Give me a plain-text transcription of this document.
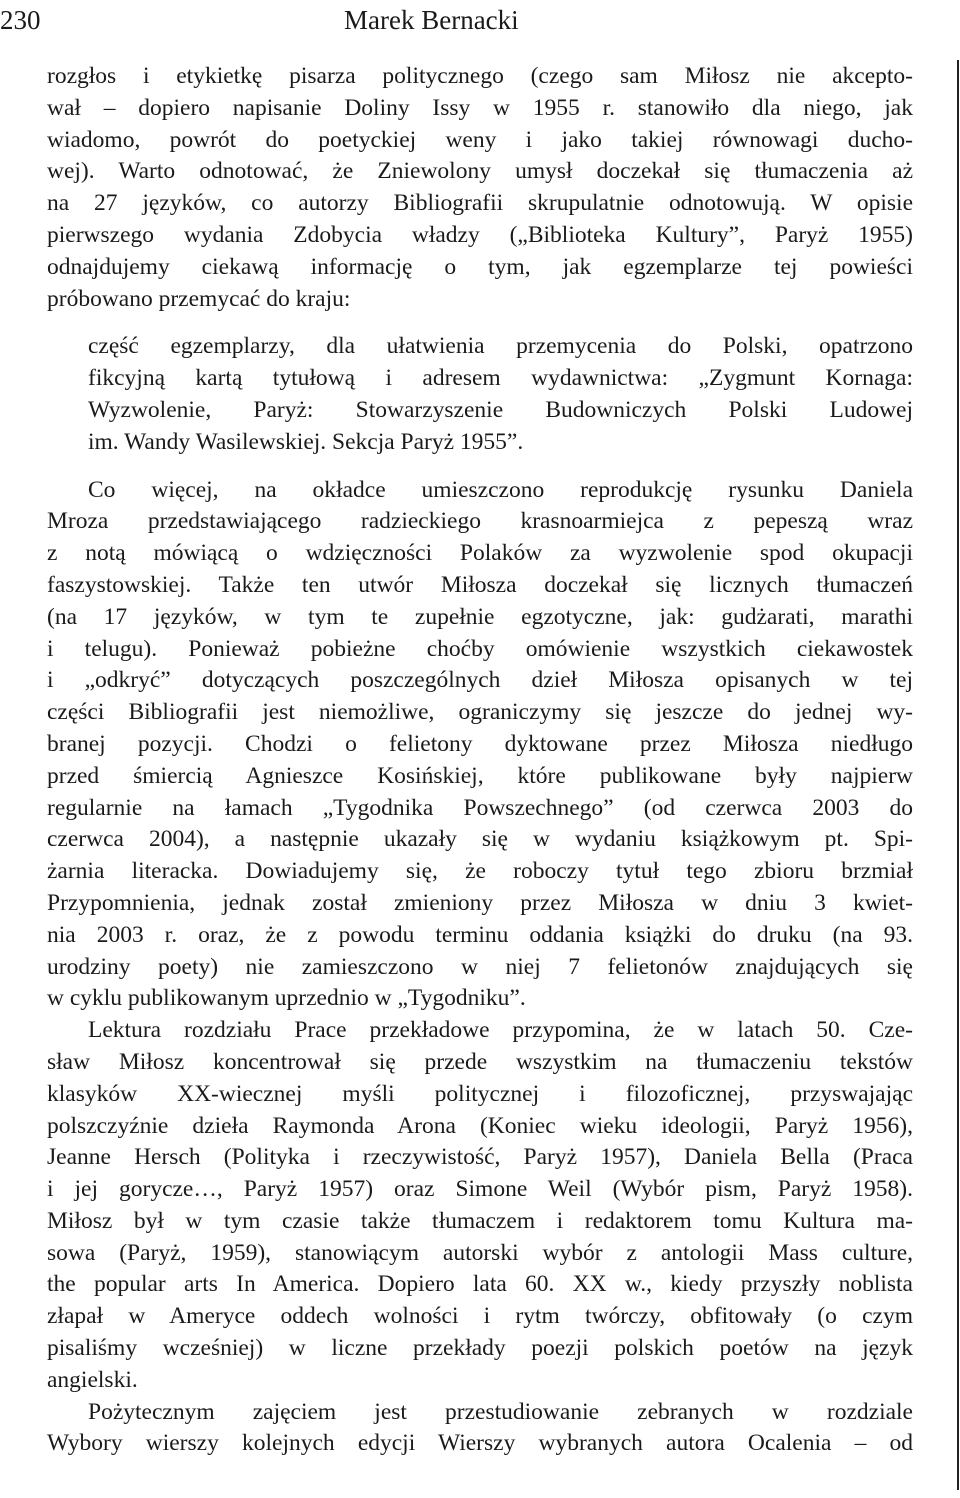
230	Marek Bernacki
rozgłos i etykietkę pisarza politycznego (czego sam Miłosz nie akcepto-
wał – dopiero napisanie Doliny Issy w 1955 r. stanowiło dla niego, jak
wiadomo, powrót do poetyckiej weny i jako takiej równowagi ducho-
wej). Warto odnotować, że Zniewolony umysł doczekał się tłumaczenia aż
na 27 języków, co autorzy Bibliografii skrupulatnie odnotowują. W opisie
pierwszego wydania Zdobycia władzy („Biblioteka Kultury”, Paryż 1955)
odnajdujemy ciekawą informację o tym, jak egzemplarze tej powieści
próbowano przemycać do kraju:
część egzemplarzy, dla ułatwienia przemycenia do Polski, opatrzono
fikcyjną kartą tytułową i adresem wydawnictwa: „Zygmunt Kornaga:
Wyzwolenie, Paryż: Stowarzyszenie Budowniczych Polski Ludowej
im. Wandy Wasilewskiej. Sekcja Paryż 1955”.
Co więcej, na okładce umieszczono reprodukcję rysunku Daniela
Mroza przedstawiającego radzieckiego krasnoarmiejca z pepeszą wraz
z notą mówiącą o wdzięczności Polaków za wyzwolenie spod okupacji
faszystowskiej. Także ten utwór Miłosza doczekał się licznych tłumaczeń
(na 17 języków, w tym te zupełnie egzotyczne, jak: gudżarati, marathi
i telugu). Ponieważ pobieżne choćby omówienie wszystkich ciekawostek
i „odkryć” dotyczących poszczególnych dzieł Miłosza opisanych w tej
części Bibliografii jest niemożliwe, ograniczymy się jeszcze do jednej wy-
branej pozycji. Chodzi o felietony dyktowane przez Miłosza niedługo
przed śmiercią Agnieszce Kosińskiej, które publikowane były najpierw
regularnie na łamach „Tygodnika Powszechnego” (od czerwca 2003 do
czerwca 2004), a następnie ukazały się w wydaniu książkowym pt. Spi-
żarnia literacka. Dowiadujemy się, że roboczy tytuł tego zbioru brzmiał
Przypomnienia, jednak został zmieniony przez Miłosza w dniu 3 kwiet-
nia 2003 r. oraz, że z powodu terminu oddania książki do druku (na 93.
urodziny poety) nie zamieszczono w niej 7 felietonów znajdujących się
w cyklu publikowanym uprzednio w „Tygodniku”.
Lektura rozdziału Prace przekładowe przypomina, że w latach 50. Cze-
sław Miłosz koncentrował się przede wszystkim na tłumaczeniu tekstów
klasyków XX-wiecznej myśli politycznej i filozoficznej, przyswajając
polszczyźnie dzieła Raymonda Arona (Koniec wieku ideologii, Paryż 1956),
Jeanne Hersch (Polityka i rzeczywistość, Paryż 1957), Daniela Bella (Praca
i jej gorycze…, Paryż 1957) oraz Simone Weil (Wybór pism, Paryż 1958).
Miłosz był w tym czasie także tłumaczem i redaktorem tomu Kultura ma-
sowa (Paryż, 1959), stanowiącym autorski wybór z antologii Mass culture,
the popular arts In America. Dopiero lata 60. XX w., kiedy przyszły noblista
złapał w Ameryce oddech wolności i rytm twórczy, obfitowały (o czym
pisaliśmy wcześniej) w liczne przekłady poezji polskich poetów na język
angielski.
Pożytecznym zajęciem jest przestudiowanie zebranych w rozdziale
Wybory wierszy kolejnych edycji Wierszy wybranych autora Ocalenia – od
